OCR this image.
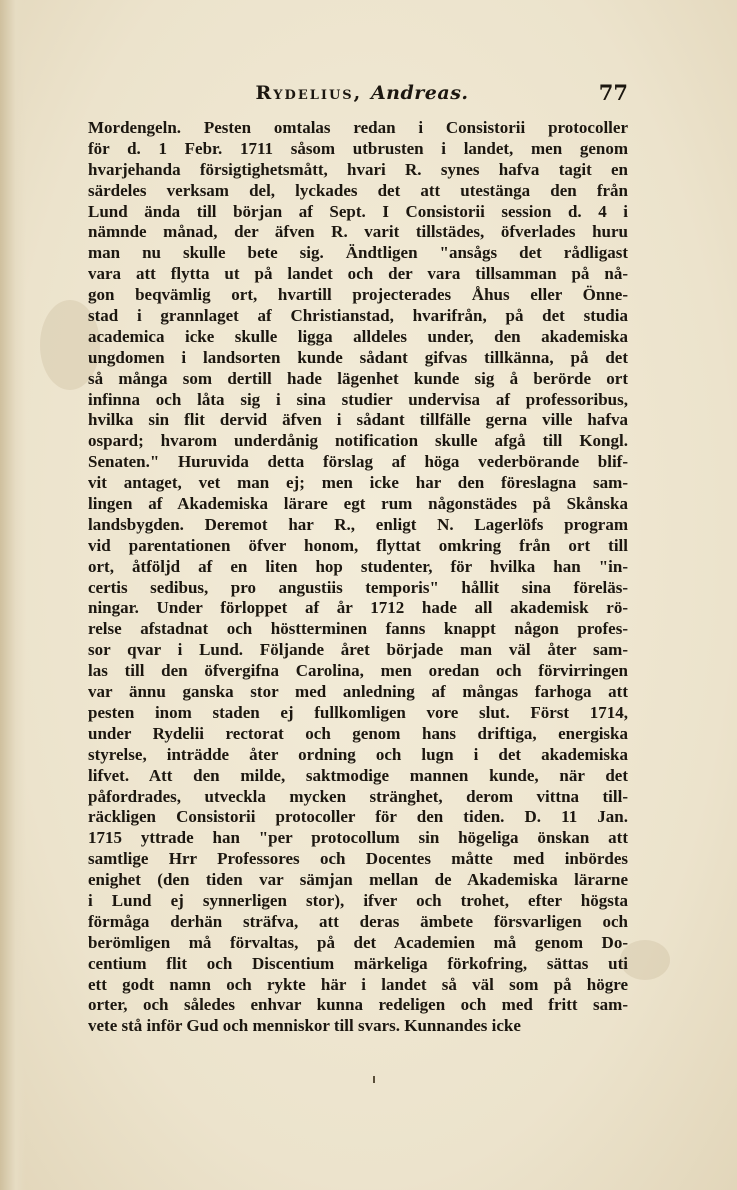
Rydelius, Andreas.	77
Mordengeln. Pesten omtalas redan i Consistorii protocoller
för d. 1 Febr. 1711 såsom utbrusten i landet, men genom
hvarjehanda försigtighetsmått, hvari R. synes hafva tagit en
särdeles verksam del, lyckades det att utestänga den från
Lund ända till början af Sept. I Consistorii session d. 4 i
nämnde månad, der äfven R. varit tillstädes, öfverlades huru
man nu skulle bete sig. Ändtligen "ansågs det rådligast
vara att flytta ut på landet och der vara tillsamman på nå-
gon beqvämlig ort, hvartill projecterades Åhus eller Önne-
stad i grannlaget af Christianstad, hvarifrån, på det studia
academica icke skulle ligga alldeles under, den akademiska
ungdomen i landsorten kunde sådant gifvas tillkänna, på det
så många som dertill hade lägenhet kunde sig å berörde ort
infinna och låta sig i sina studier undervisa af professoribus,
hvilka sin flit dervid äfven i sådant tillfälle gerna ville hafva
ospard; hvarom underdånig notification skulle afgå till Kongl.
Senaten." Huruvida detta förslag af höga vederbörande blif-
vit antaget, vet man ej; men icke har den föreslagna sam-
lingen af Akademiska lärare egt rum någonstädes på Skånska
landsbygden. Deremot har R., enligt N. Lagerlöfs program
vid parentationen öfver honom, flyttat omkring från ort till
ort, åtföljd af en liten hop studenter, för hvilka han "in-
certis sedibus, pro angustiis temporis" hållit sina föreläs-
ningar. Under förloppet af år 1712 hade all akademisk rö-
relse afstadnat och höstterminen fanns knappt någon profes-
sor qvar i Lund. Följande året började man väl åter sam-
las till den öfvergifna Carolina, men oredan och förvirringen
var ännu ganska stor med anledning af mångas farhoga att
pesten inom staden ej fullkomligen vore slut. Först 1714,
under Rydelii rectorat och genom hans driftiga, energiska
styrelse, inträdde åter ordning och lugn i det akademiska
lifvet. Att den milde, saktmodige mannen kunde, när det
påfordrades, utveckla mycken stränghet, derom vittna till-
räckligen Consistorii protocoller för den tiden. D. 11 Jan.
1715 yttrade han "per protocollum sin högeliga önskan att
samtlige Hrr Professores och Docentes måtte med inbördes
enighet (den tiden var sämjan mellan de Akademiska lärarne
i Lund ej synnerligen stor), ifver och trohet, efter högsta
förmåga derhän sträfva, att deras ämbete försvarligen och
berömligen må förvaltas, på det Academien må genom Do-
centium flit och Discentium märkeliga förkofring, sättas uti
ett godt namn och rykte här i landet så väl som på högre
orter, och således enhvar kunna redeligen och med fritt sam-
vete stå inför Gud och menniskor till svars. Kunnandes icke
